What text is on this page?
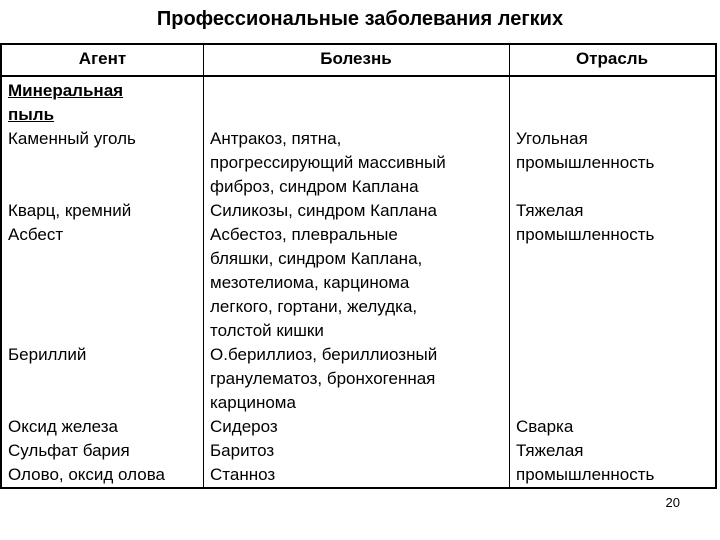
Профессиональные заболевания легких
Агент	Болезнь	Отрасль
Минеральная
пыль
Каменный уголь

Кварц, кремний
Асбест

Бериллий

Оксид железа
Сульфат бария
Олово, оксид олова
Антракоз, пятна,
прогрессирующий массивный
фиброз, синдром Каплана
Силикозы, синдром Каплана
Асбестоз, плевральные
бляшки, синдром Каплана,
мезотелиома, карцинома
легкого, гортани, желудка,
толстой кишки
О.бериллиоз, бериллиозный
гранулематоз, бронхогенная
карцинома
Сидероз
Баритоз
Станноз
Угольная
промышленность

Тяжелая
промышленность

Сварка
Тяжелая
промышленность
20
